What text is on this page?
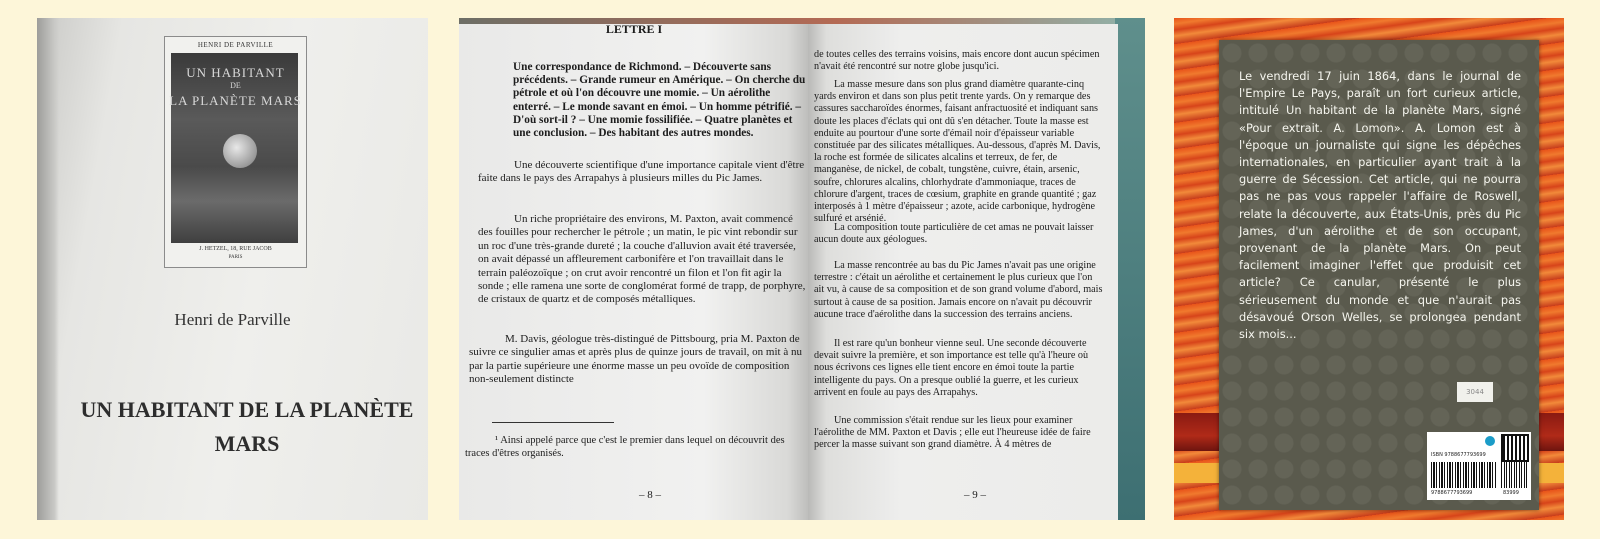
HENRI DE PARVILLE
UN HABITANT
DE
LA PLANÈTE MARS
J. HETZEL, 18, RUE JACOB
PARIS
Henri de Parville
UN HABITANT DE LA PLANÈTE MARS
LETTRE I
Une correspondance de Richmond. – Découverte sans précédents. – Grande rumeur en Amérique. – On cherche du pétrole et où l'on découvre une momie. – Un aérolithe enterré. – Le monde savant en émoi. – Un homme pétrifié. – D'où sort-il ? – Une momie fossilifiée. – Quatre planètes et une conclusion. – Des habitant des autres mondes.
Une découverte scientifique d'une importance capitale vient d'être faite dans le pays des Arrapahys à plusieurs milles du Pic James.
Un riche propriétaire des environs, M. Paxton, avait commencé des fouilles pour rechercher le pétrole ; un matin, le pic vint rebondir sur un roc d'une très-grande dureté ; la couche d'alluvion avait été traversée, on avait dépassé un affleurement carbonifère et l'on travaillait dans le terrain paléozoïque ; on crut avoir rencontré un filon et l'on fit agir la sonde ; elle ramena une sorte de conglomérat formé de trapp, de porphyre, de cristaux de quartz et de composés métalliques.
M. Davis, géologue très-distingué de Pittsbourg, pria M. Paxton de suivre ce singulier amas et après plus de quinze jours de travail, on mit à nu par la partie supérieure une énorme masse un peu ovoïde de composition non-seulement distincte
¹ Ainsi appelé parce que c'est le premier dans lequel on découvrit des traces d'êtres organisés.
– 8 –
de toutes celles des terrains voisins, mais encore dont aucun spécimen n'avait été rencontré sur notre globe jusqu'ici.
La masse mesure dans son plus grand diamètre quarante-cinq yards environ et dans son plus petit trente yards. On y remarque des cassures saccharoïdes énormes, faisant anfractuosité et indiquant sans doute les places d'éclats qui ont dû s'en détacher. Toute la masse est enduite au pourtour d'une sorte d'émail noir d'épaisseur variable constituée par des silicates métalliques. Au-dessous, d'après M. Davis, la roche est formée de silicates alcalins et terreux, de fer, de manganèse, de nickel, de cobalt, tungstène, cuivre, étain, arsenic, soufre, chlorures alcalins, chlorhydrate d'ammoniaque, traces de chlorure d'argent, traces de cœsium, graphite en grande quantité ; gaz interposés à 1 mètre d'épaisseur ; azote, acide carbonique, hydrogène sulfuré et arsénié.
La composition toute particulière de cet amas ne pouvait laisser aucun doute aux géologues.
La masse rencontrée au bas du Pic James n'avait pas une origine terrestre : c'était un aérolithe et certainement le plus curieux que l'on ait vu, à cause de sa composition et de son grand volume d'abord, mais surtout à cause de sa position. Jamais encore on n'avait pu découvrir aucune trace d'aérolithe dans la succession des terrains anciens.
Il est rare qu'un bonheur vienne seul. Une seconde découverte devait suivre la première, et son importance est telle qu'à l'heure où nous écrivons ces lignes elle tient encore en émoi toute la partie intelligente du pays. On a presque oublié la guerre, et les curieux arrivent en foule au pays des Arrapahys.
Une commission s'était rendue sur les lieux pour examiner l'aérolithe de MM. Paxton et Davis ; elle eut l'heureuse idée de faire percer la masse suivant son grand diamètre. À 4 mètres de
– 9 –
Le vendredi 17 juin 1864, dans le journal de l'Empire Le Pays, paraît un fort curieux article, intitulé Un habitant de la planète Mars, signé «Pour extrait. A. Lomon». A. Lomon est à l'époque un journaliste qui signe les dépêches internationales, en particulier ayant trait à la guerre de Sécession. Cet article, qui ne pourra pas ne pas vous rappeler l'affaire de Roswell, relate la découverte, aux États-Unis, près du Pic James, d'un aérolithe et de son occupant, provenant de la planète Mars. On peut facilement imaginer l'effet que produisit cet article? Ce canular, présenté le plus sérieusement du monde et que n'aurait pas désavoué Orson Welles, se prolongea pendant six mois...
3044
ISBN 9788677793699
9788677793699	83999
